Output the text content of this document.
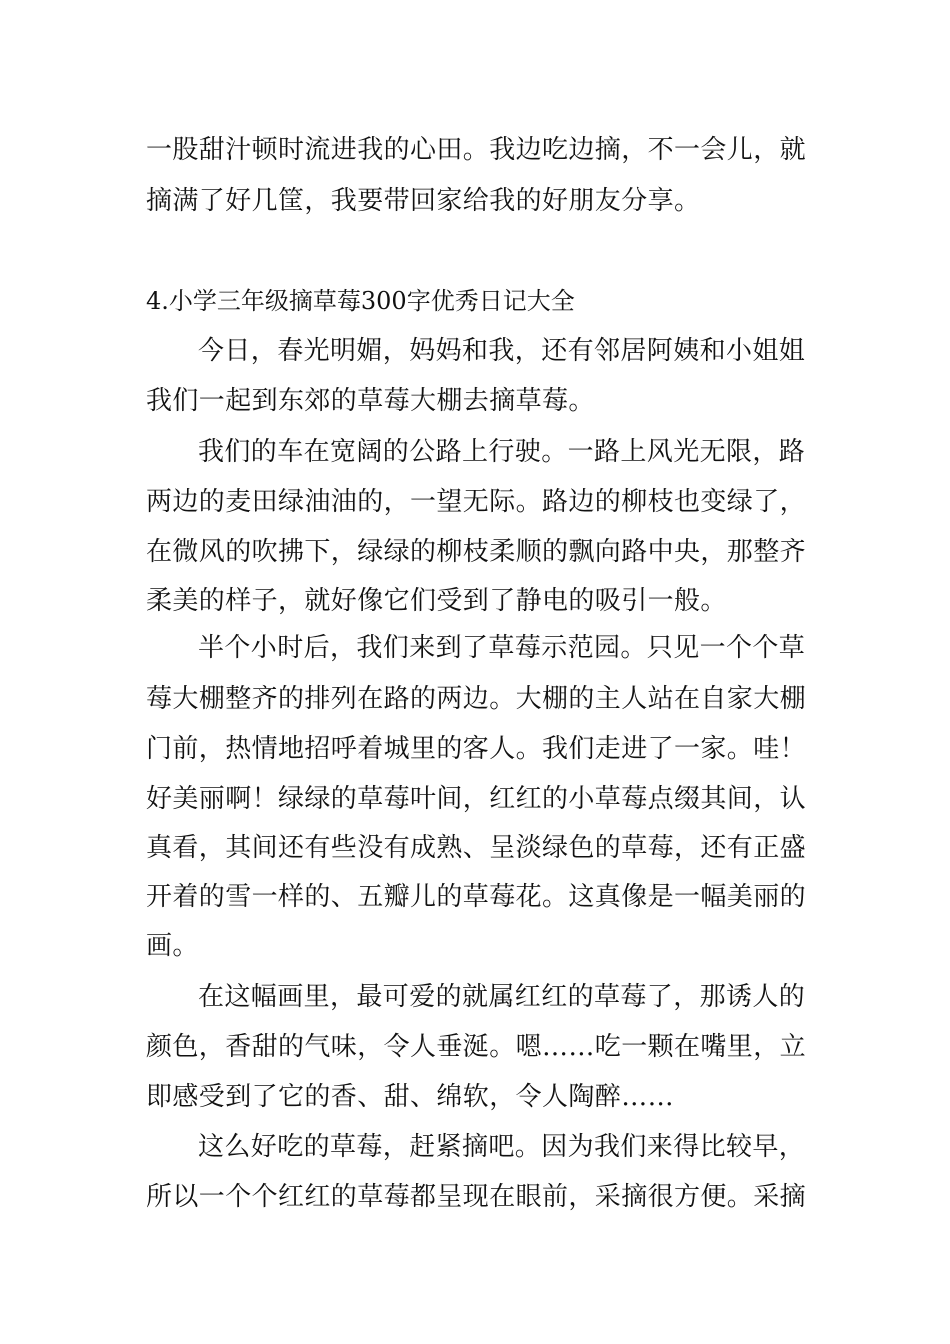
一股甜汁顿时流进我的心田。我边吃边摘，不一会儿，就
摘满了好几筐，我要带回家给我的好朋友分享。
4.小学三年级摘草莓300字优秀日记大全
今日，春光明媚，妈妈和我，还有邻居阿姨和小姐姐
我们一起到东郊的草莓大棚去摘草莓。
我们的车在宽阔的公路上行驶。一路上风光无限，路
两边的麦田绿油油的，一望无际。路边的柳枝也变绿了，
在微风的吹拂下，绿绿的柳枝柔顺的飘向路中央，那整齐
柔美的样子，就好像它们受到了静电的吸引一般。
半个小时后，我们来到了草莓示范园。只见一个个草
莓大棚整齐的排列在路的两边。大棚的主人站在自家大棚
门前，热情地招呼着城里的客人。我们走进了一家。哇！
好美丽啊！绿绿的草莓叶间，红红的小草莓点缀其间，认
真看，其间还有些没有成熟、呈淡绿色的草莓，还有正盛
开着的雪一样的、五瓣儿的草莓花。这真像是一幅美丽的
画。
在这幅画里，最可爱的就属红红的草莓了，那诱人的
颜色，香甜的气味，令人垂涎。嗯……吃一颗在嘴里，立
即感受到了它的香、甜、绵软，令人陶醉……
这么好吃的草莓，赶紧摘吧。因为我们来得比较早，
所以一个个红红的草莓都呈现在眼前，采摘很方便。采摘
